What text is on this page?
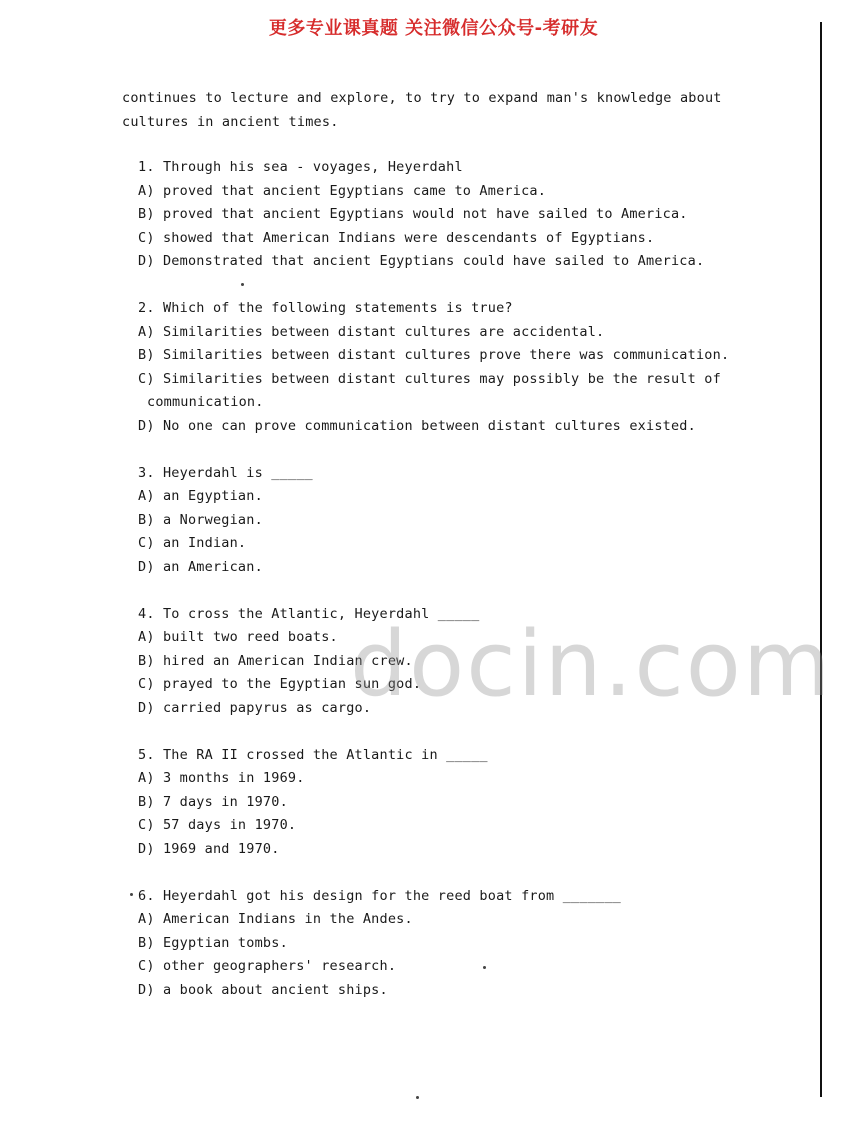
更多专业课真题 关注微信公众号-考研友

continues to lecture and explore, to try to expand man's knowledge about

cultures in ancient times.

1. Through his sea - voyages, Heyerdahl

A) proved that ancient Egyptians came to America.

B) proved that ancient Egyptians would not have sailed to America.

C) showed that American Indians were descendants of Egyptians.

D) Demonstrated that ancient Egyptians could have sailed to America.

2. Which of the following statements is true?

A) Similarities between distant cultures are accidental.

B) Similarities between distant cultures prove there was communication.

C) Similarities between distant cultures may possibly be the result of

communication.

D) No one can prove communication between distant cultures existed.

3. Heyerdahl is _____

A) an Egyptian.

B) a Norwegian.

C) an Indian.

D) an American.

4. To cross the Atlantic, Heyerdahl _____

A) built two reed boats.

B) hired an American Indian crew.

C) prayed to the Egyptian sun god.

D) carried papyrus as cargo.

5. The RA II crossed the Atlantic in _____

A) 3 months in 1969.

B) 7 days in 1970.

C) 57 days in 1970.

D) 1969 and 1970.

6. Heyerdahl got his design for the reed boat from _______

A) American Indians in the Andes.

B) Egyptian tombs.

C) other geographers' research.

D) a book about ancient ships.

docin.com
